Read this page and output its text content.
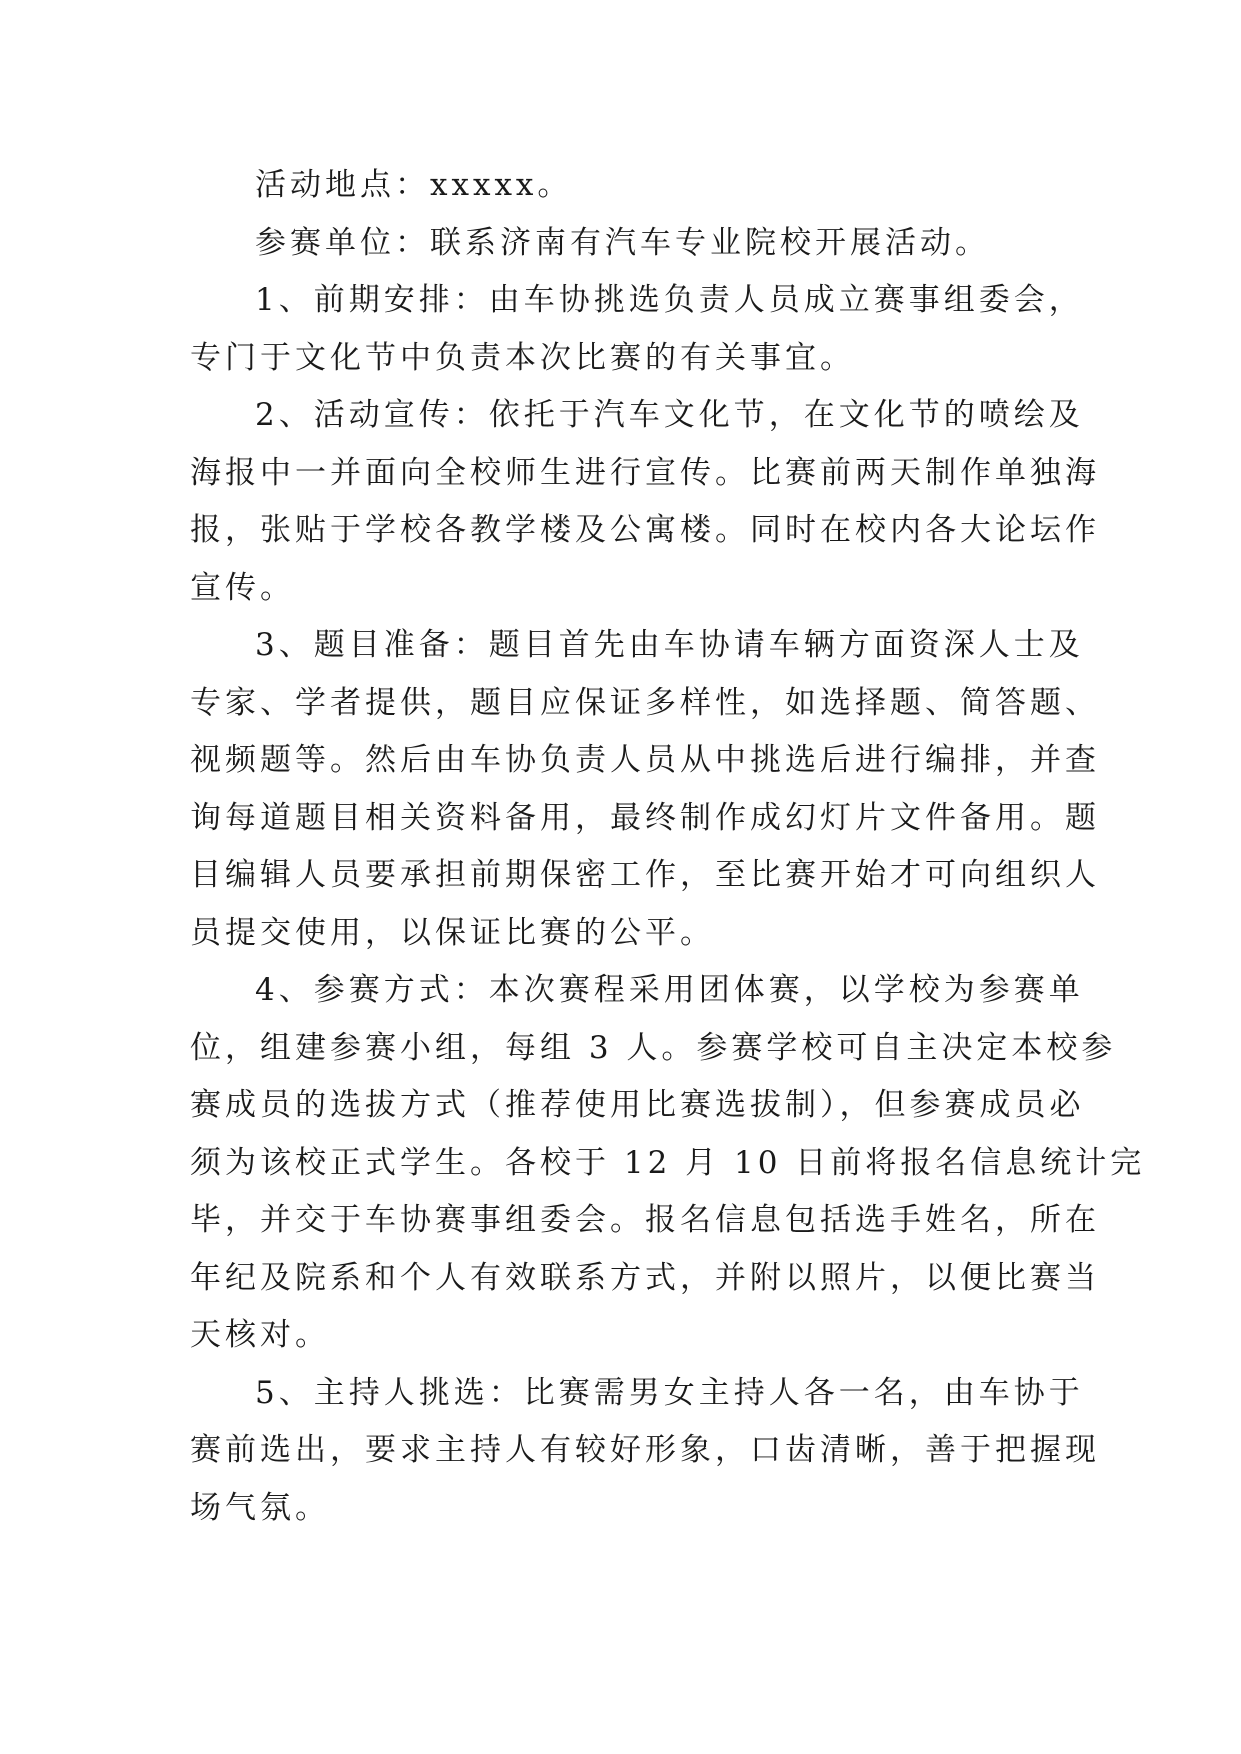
活动地点：xxxxx。
参赛单位：联系济南有汽车专业院校开展活动。
1、前期安排：由车协挑选负责人员成立赛事组委会，
专门于文化节中负责本次比赛的有关事宜。
2、活动宣传：依托于汽车文化节，在文化节的喷绘及
海报中一并面向全校师生进行宣传。比赛前两天制作单独海
报，张贴于学校各教学楼及公寓楼。同时在校内各大论坛作
宣传。
3、题目准备：题目首先由车协请车辆方面资深人士及
专家、学者提供，题目应保证多样性，如选择题、简答题、
视频题等。然后由车协负责人员从中挑选后进行编排，并查
询每道题目相关资料备用，最终制作成幻灯片文件备用。题
目编辑人员要承担前期保密工作，至比赛开始才可向组织人
员提交使用，以保证比赛的公平。
4、参赛方式：本次赛程采用团体赛，以学校为参赛单
位，组建参赛小组，每组 3 人。参赛学校可自主决定本校参
赛成员的选拔方式（推荐使用比赛选拔制），但参赛成员必
须为该校正式学生。各校于 12 月 10 日前将报名信息统计完
毕，并交于车协赛事组委会。报名信息包括选手姓名，所在
年纪及院系和个人有效联系方式，并附以照片，以便比赛当
天核对。
5、主持人挑选：比赛需男女主持人各一名，由车协于
赛前选出，要求主持人有较好形象，口齿清晰，善于把握现
场气氛。
